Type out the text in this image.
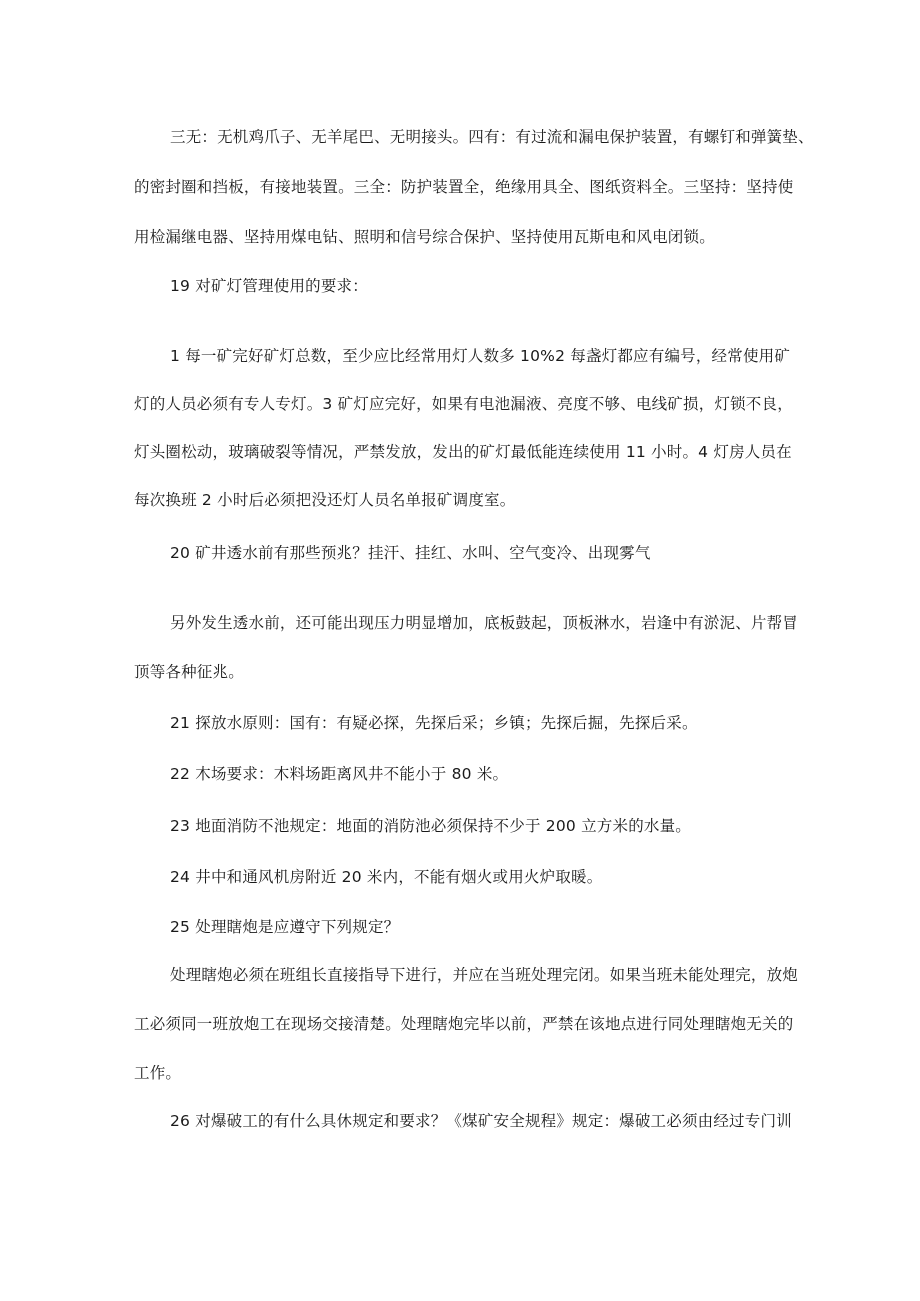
三无：无机鸡爪子、无羊尾巴、无明接头。四有：有过流和漏电保护装置，有螺钉和弹簧垫、
的密封圈和挡板，有接地装置。三全：防护装置全，绝缘用具全、图纸资料全。三坚持：坚持使
用检漏继电器、坚持用煤电钻、照明和信号综合保护、坚持使用瓦斯电和风电闭锁。

19 对矿灯管理使用的要求：

1 每一矿完好矿灯总数，至少应比经常用灯人数多 10%2 每盏灯都应有编号，经常使用矿
灯的人员必须有专人专灯。3 矿灯应完好，如果有电池漏液、亮度不够、电线矿损，灯锁不良，
灯头圈松动，玻璃破裂等情况，严禁发放，发出的矿灯最低能连续使用 11 小时。4 灯房人员在
每次换班 2 小时后必须把没还灯人员名单报矿调度室。

20 矿井透水前有那些预兆？挂汗、挂红、水叫、空气变冷、出现雾气

另外发生透水前，还可能出现压力明显增加，底板鼓起，顶板淋水，岩逢中有淤泥、片帮冒
顶等各种征兆。

21 探放水原则：国有：有疑必探，先探后采；乡镇；先探后掘，先探后采。

22 木场要求：木料场距离风井不能小于 80 米。

23 地面消防不池规定：地面的消防池必须保持不少于 200 立方米的水量。

24 井中和通风机房附近 20 米内，不能有烟火或用火炉取暖。

25 处理瞎炮是应遵守下列规定？

处理瞎炮必须在班组长直接指导下进行，并应在当班处理完闭。如果当班未能处理完，放炮
工必须同一班放炮工在现场交接清楚。处理瞎炮完毕以前，严禁在该地点进行同处理瞎炮无关的
工作。

26 对爆破工的有什么具休规定和要求？《煤矿安全规程》规定：爆破工必须由经过专门训
